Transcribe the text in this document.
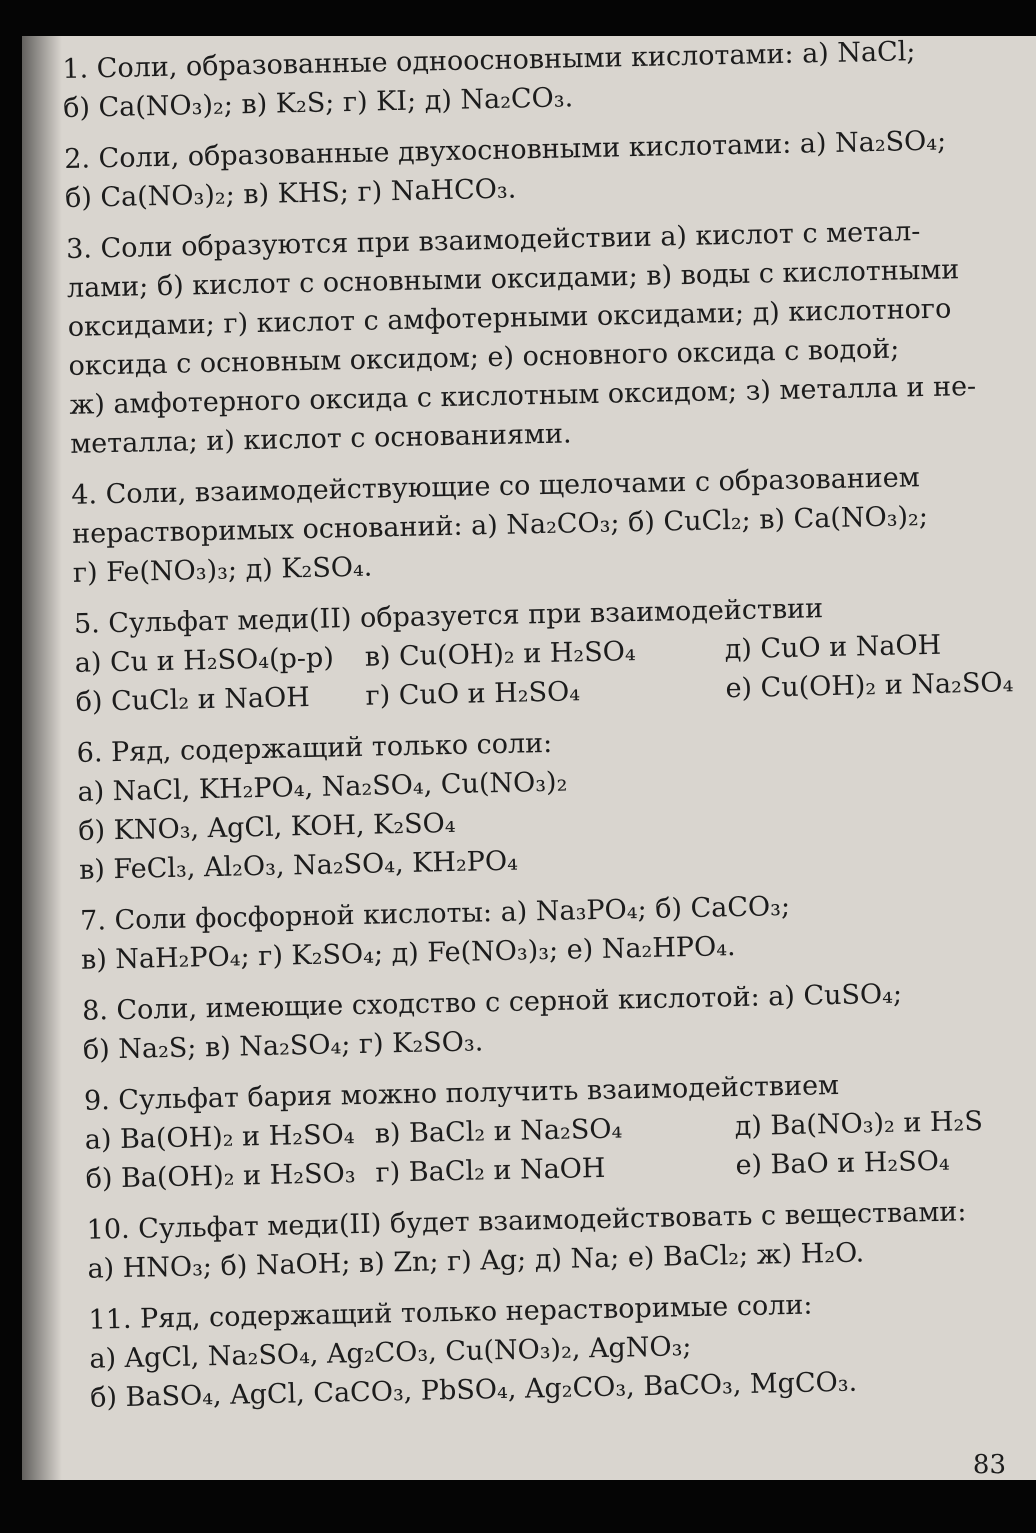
1. Соли, образованные одноосновными кислотами: а) NaCl;
б) Ca(NO₃)₂; в) K₂S; г) KI; д) Na₂CO₃.
2. Соли, образованные двухосновными кислотами: а) Na₂SO₄;
б) Ca(NO₃)₂; в) KHS; г) NaHCO₃.
3. Соли образуются при взаимодействии а) кислот с метал-
лами; б) кислот с основными оксидами; в) воды с кислотными
оксидами; г) кислот с амфотерными оксидами; д) кислотного
оксида с основным оксидом; е) основного оксида с водой;
ж) амфотерного оксида с кислотным оксидом; з) металла и не-
металла; и) кислот с основаниями.
4. Соли, взаимодействующие со щелочами с образованием
нерастворимых оснований: а) Na₂CO₃; б) CuCl₂; в) Ca(NO₃)₂;
г) Fe(NO₃)₃; д) K₂SO₄.
5. Сульфат меди(II) образуется при взаимодействии
а) Cu и H₂SO₄(р-р)	в) Cu(OH)₂ и H₂SO₄	д) CuO и NaOH
б) CuCl₂ и NaOH	г) CuO и H₂SO₄	е) Cu(OH)₂ и Na₂SO₄
6. Ряд, содержащий только соли:
а) NaCl, KH₂PO₄, Na₂SO₄, Cu(NO₃)₂
б) KNO₃, AgCl, KOH, K₂SO₄
в) FeCl₃, Al₂O₃, Na₂SO₄, KH₂PO₄
7. Соли фосфорной кислоты: а) Na₃PO₄; б) CaCO₃;
в) NaH₂PO₄; г) K₂SO₄; д) Fe(NO₃)₃; е) Na₂HPO₄.
8. Соли, имеющие сходство с серной кислотой: а) CuSO₄;
б) Na₂S; в) Na₂SO₄; г) K₂SO₃.
9. Сульфат бария можно получить взаимодействием
а) Ba(OH)₂ и H₂SO₄ в) BaCl₂ и Na₂SO₄	д) Ba(NO₃)₂ и H₂S
б) Ba(OH)₂ и H₂SO₃ г) BaCl₂ и NaOH	е) BaO и H₂SO₄
10. Сульфат меди(II) будет взаимодействовать с веществами:
а) HNO₃; б) NaOH; в) Zn; г) Ag; д) Na; е) BaCl₂; ж) H₂O.
11. Ряд, содержащий только нерастворимые соли:
а) AgCl, Na₂SO₄, Ag₂CO₃, Cu(NO₃)₂, AgNO₃;
б) BaSO₄, AgCl, CaCO₃, PbSO₄, Ag₂CO₃, BaCO₃, MgCO₃.
83
